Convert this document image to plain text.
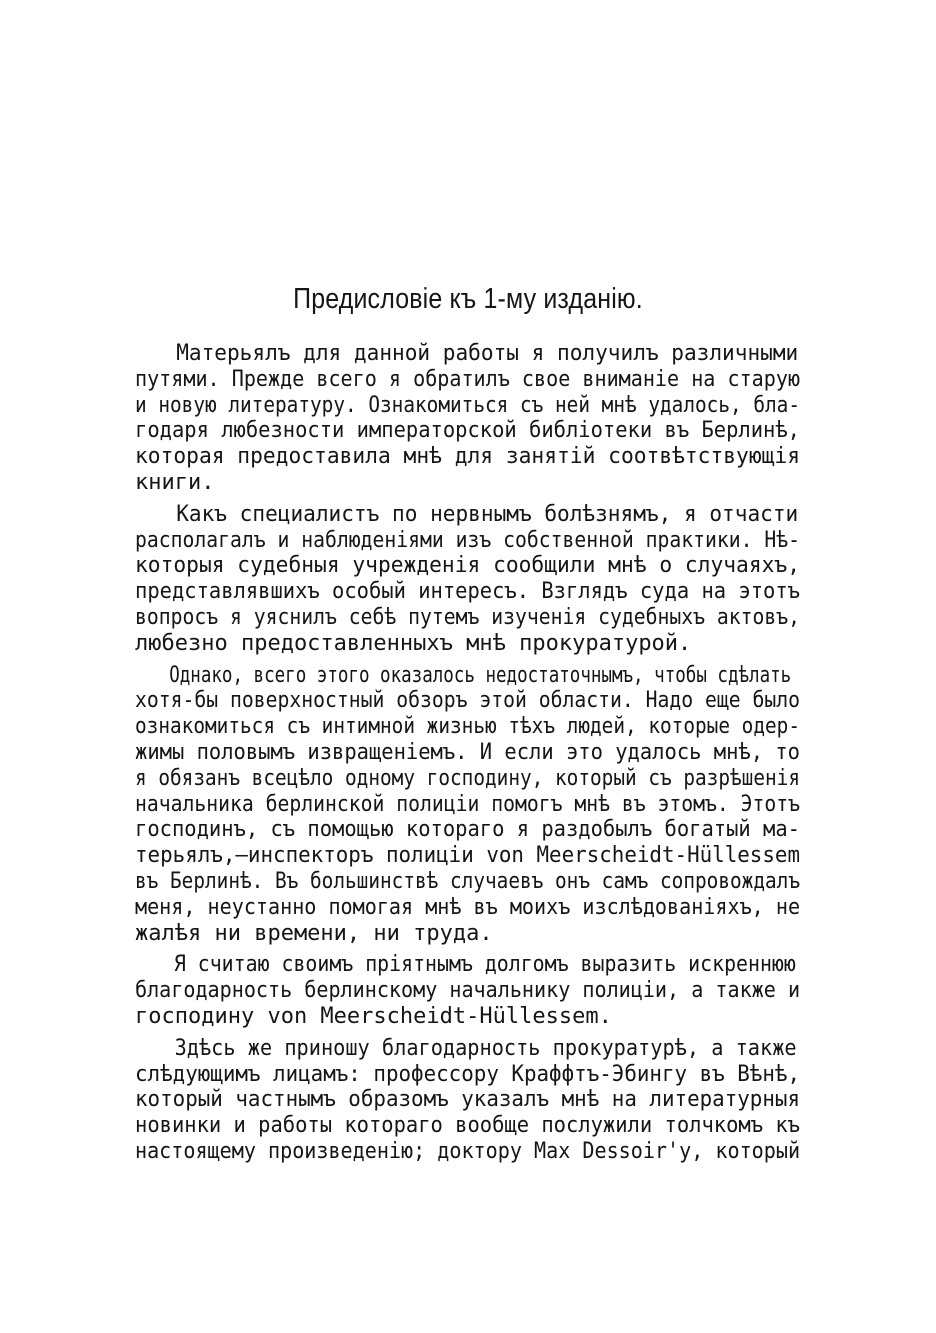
Предисловіе къ 1-му изданію.
Матерьялъ для данной работы я получилъ различными
путями. Прежде всего я обратилъ свое вниманіе на старую
и новую литературу. Ознакомиться съ ней мнѣ удалось, бла-
годаря любезности императорской библіотеки въ Берлинѣ,
которая предоставила мнѣ для занятій соотвѣтствующія
книги.
Какъ специалистъ по нервнымъ болѣзнямъ, я отчасти
располагалъ и наблюденіями изъ собственной практики. Нѣ-
которыя судебныя учрежденія сообщили мнѣ о случаяхъ,
представлявшихъ особый интересъ. Взглядъ суда на этотъ
вопросъ я уяснилъ себѣ путемъ изученія судебныхъ актовъ,
любезно предоставленныхъ мнѣ прокуратурой.
Однако, всего этого оказалось недостаточнымъ, чтобы сдѣлать
хотя-бы поверхностный обзоръ этой области. Надо еще было
ознакомиться съ интимной жизнью тѣхъ людей, которые одер-
жимы половымъ извращеніемъ. И если это удалось мнѣ, то
я обязанъ всецѣло одному господину, который съ разрѣшенія
начальника берлинской полиціи помогъ мнѣ въ этомъ. Этотъ
господинъ, съ помощью котораго я раздобылъ богатый ма-
терьялъ,—инспекторъ полиціи von Meerscheidt-Hüllessem
въ Берлинѣ. Въ большинствѣ случаевъ онъ самъ сопровождалъ
меня, неустанно помогая мнѣ въ моихъ изслѣдованіяхъ, не
жалѣя ни времени, ни труда.
Я считаю своимъ пріятнымъ долгомъ выразить искреннюю
благодарность берлинскому начальнику полиціи, а также и
господину von Meerscheidt-Hüllessem.
Здѣсь же приношу благодарность прокуратурѣ, а также
слѣдующимъ лицамъ: профессору Краффтъ-Эбингу въ Вѣнѣ,
который частнымъ образомъ указалъ мнѣ на литературныя
новинки и работы котораго вообще послужили толчкомъ къ
настоящему произведенію; доктору Max Dessoir'у, который
